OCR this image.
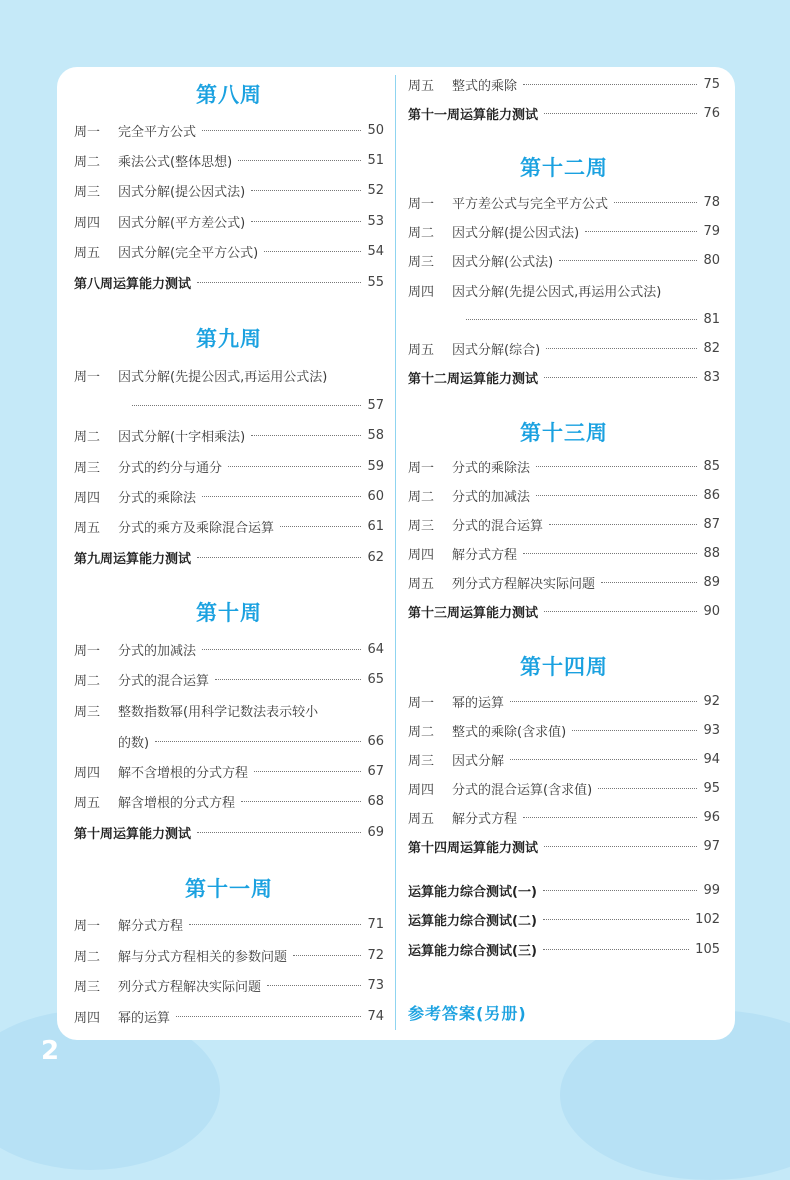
第八周
周一	完全平方公式	50
周二	乘法公式(整体思想)	51
周三	因式分解(提公因式法)	52
周四	因式分解(平方差公式)	53
周五	因式分解(完全平方公式)	54
第八周运算能力测试	55
第九周
周一	因式分解(先提公因式,再运用公式法)
57
周二	因式分解(十字相乘法)	58
周三	分式的约分与通分	59
周四	分式的乘除法	60
周五	分式的乘方及乘除混合运算	61
第九周运算能力测试	62
第十周
周一	分式的加减法	64
周二	分式的混合运算	65
周三	整数指数幂(用科学记数法表示较小
的数)	66
周四	解不含增根的分式方程	67
周五	解含增根的分式方程	68
第十周运算能力测试	69
第十一周
周一	解分式方程	71
周二	解与分式方程相关的参数问题	72
周三	列分式方程解决实际问题	73
周四	幂的运算	74
周五	整式的乘除	75
第十一周运算能力测试	76
第十二周
周一	平方差公式与完全平方公式	78
周二	因式分解(提公因式法)	79
周三	因式分解(公式法)	80
周四	因式分解(先提公因式,再运用公式法)
81
周五	因式分解(综合)	82
第十二周运算能力测试	83
第十三周
周一	分式的乘除法	85
周二	分式的加减法	86
周三	分式的混合运算	87
周四	解分式方程	88
周五	列分式方程解决实际问题	89
第十三周运算能力测试	90
第十四周
周一	幂的运算	92
周二	整式的乘除(含求值)	93
周三	因式分解	94
周四	分式的混合运算(含求值)	95
周五	解分式方程	96
第十四周运算能力测试	97
运算能力综合测试(一)	99
运算能力综合测试(二)	102
运算能力综合测试(三)	105
参考答案(另册)
2
